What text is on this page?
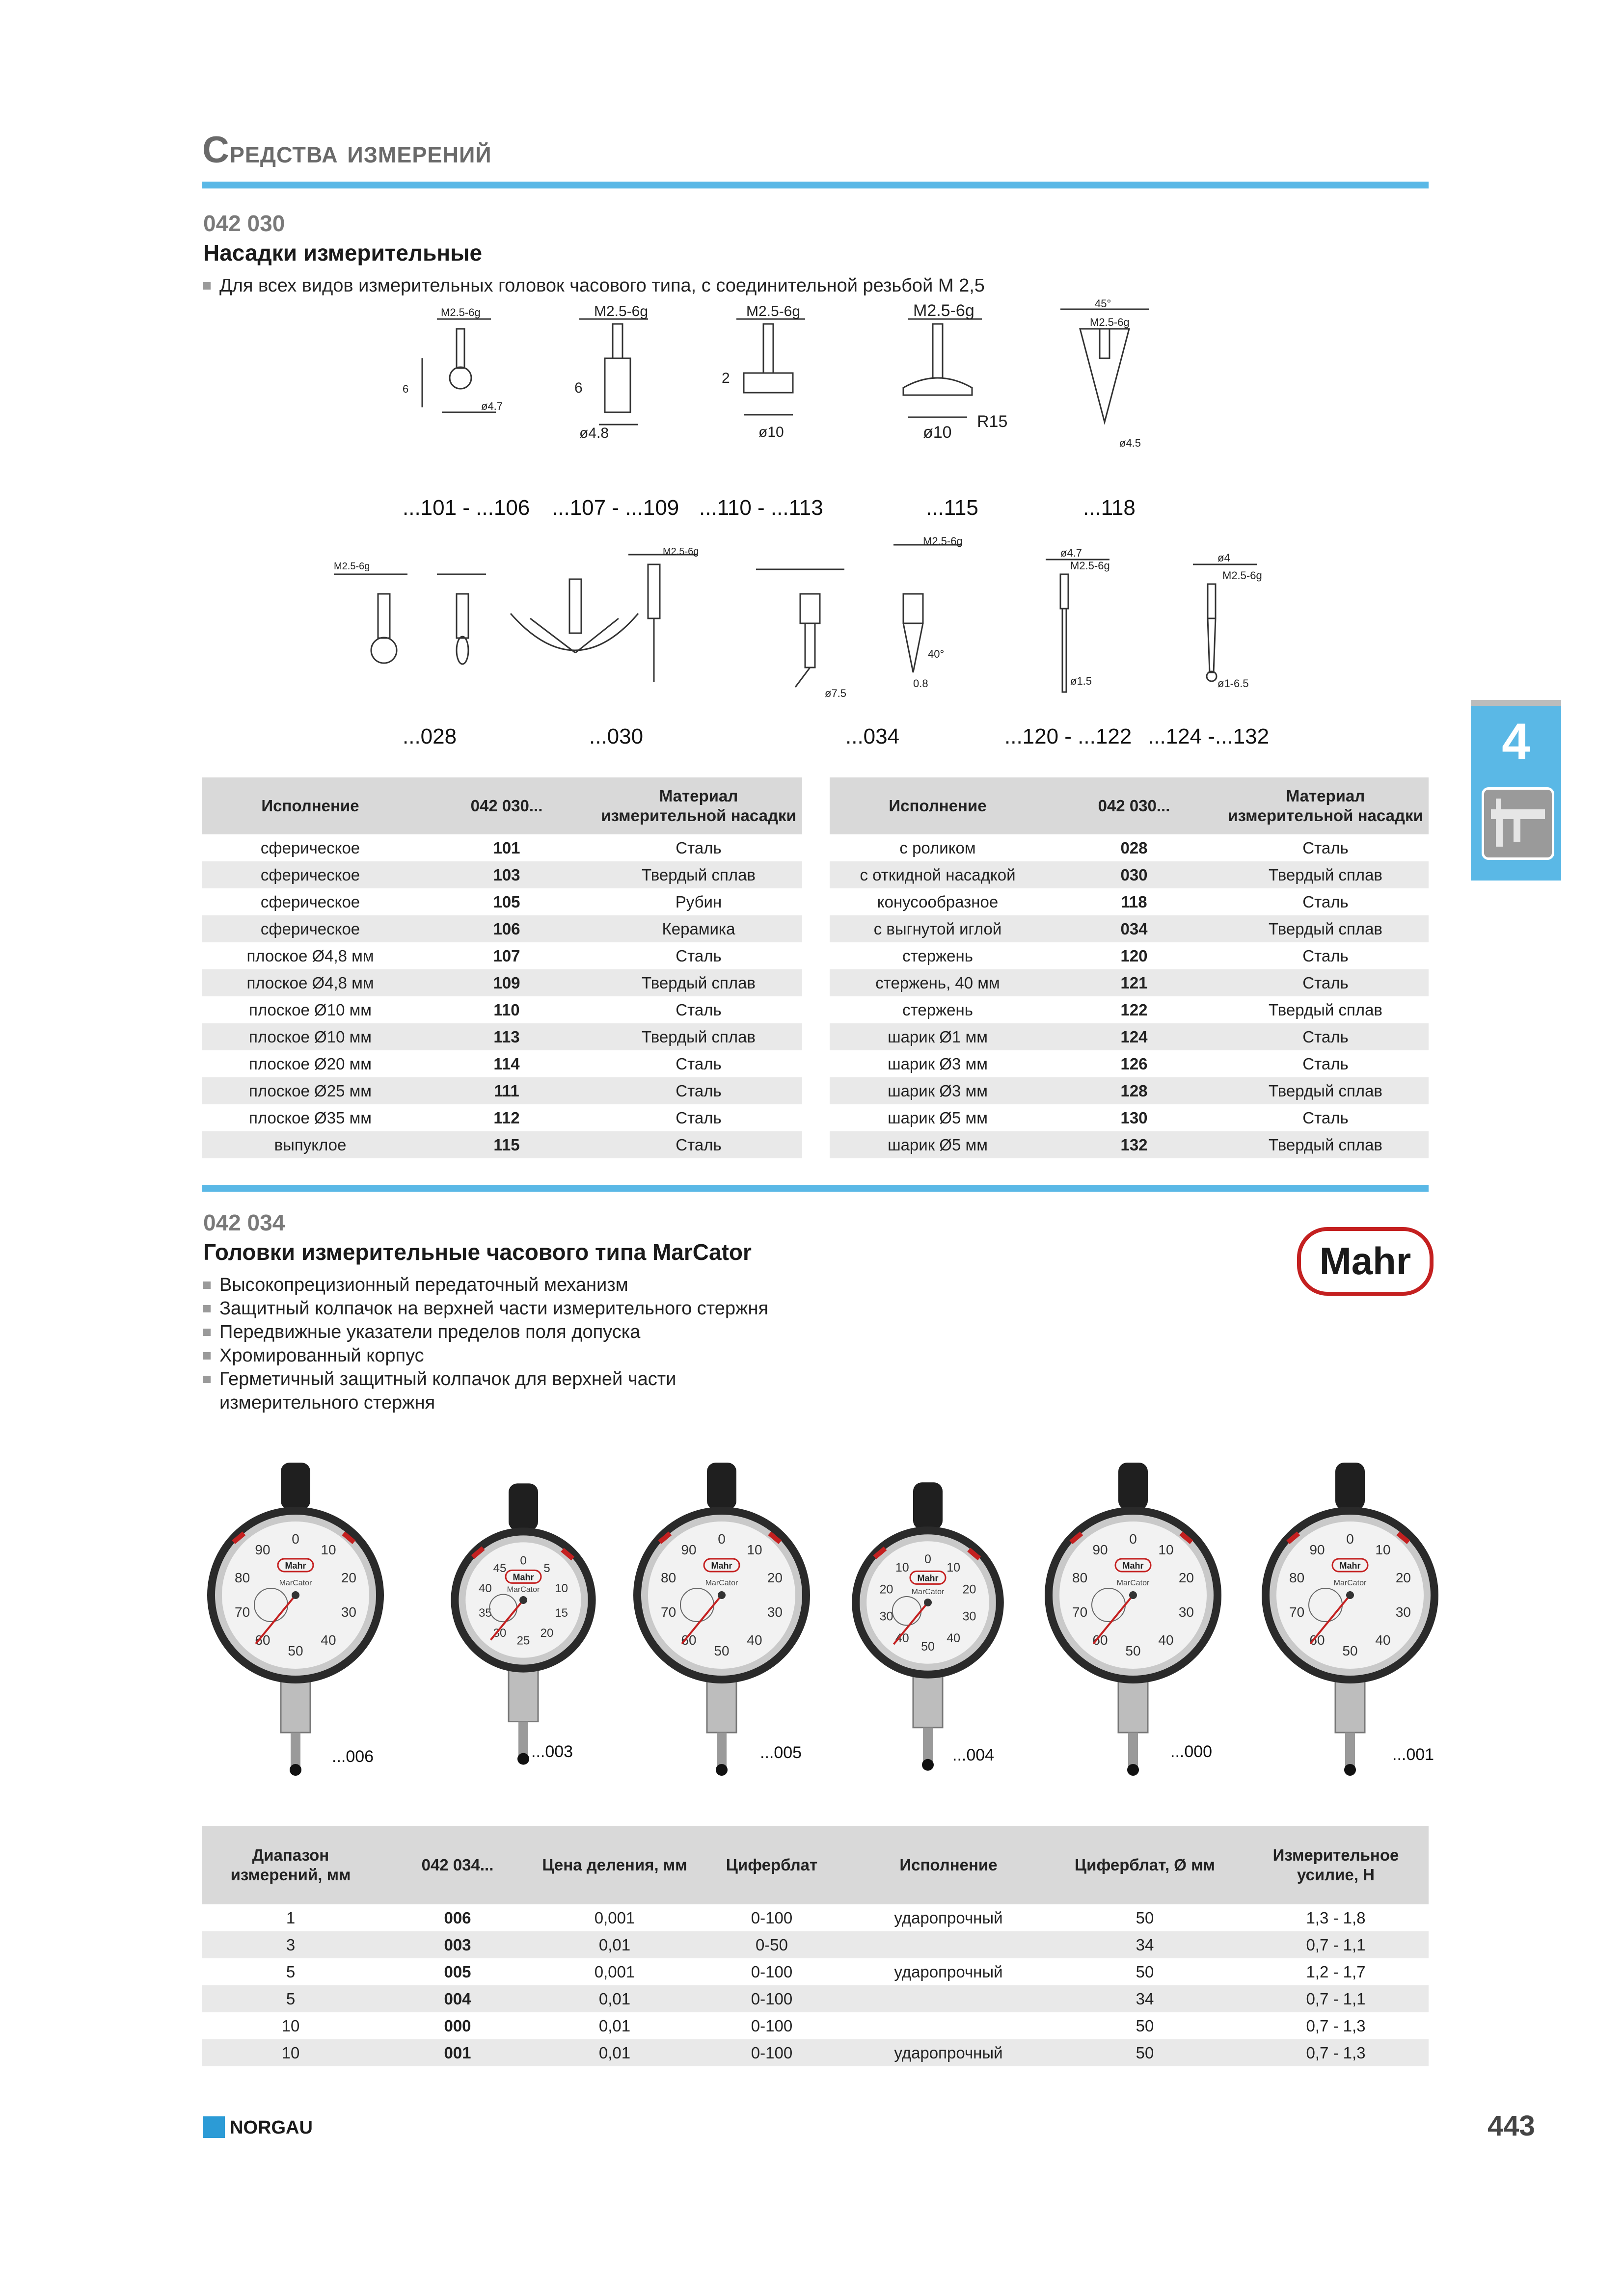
Средства измерений
042 030
Насадки измерительные
Для всех видов измерительных головок часового типа, с соединительной резьбой М 2,5
M2.5-6g
ø4.7
6
M2.5-6g
ø4.8
6
M2.5-6g
ø10
2
M2.5-6g
ø10
R15
45°
M2.5-6g
ø4.5
...101 - ...106 ...107 - ...109 ...110 - ...113	...115	...118
M2.5-6g
M2.5-6g
M2.5-6g
ø7.5
40°
0.8
ø4.7
M2.5-6g
ø1.5
ø4
M2.5-6g
ø1-6.5
...028	...030	...034	...120 - ...122 ...124 -...132
Исполнение	042 030...	Материал
измерительной насадки
сферическое	101	Сталь
сферическое	103	Твердый сплав
сферическое	105	Рубин
сферическое	106	Керамика
плоское Ø4,8 мм	107	Сталь
плоское Ø4,8 мм	109	Твердый сплав
плоское Ø10 мм	110	Сталь
плоское Ø10 мм	113	Твердый сплав
плоское Ø20 мм	114	Сталь
плоское Ø25 мм	111	Сталь
плоское Ø35 мм	112	Сталь
выпуклое	115	Сталь
Исполнение	042 030...	Материал
измерительной насадки
с роликом	028	Сталь
с откидной насадкой	030	Твердый сплав
конусообразное	118	Сталь
с выгнутой иглой	034	Твердый сплав
стержень	120	Сталь
стержень, 40 мм	121	Сталь
стержень	122	Твердый сплав
шарик Ø1 мм	124	Сталь
шарик Ø3 мм	126	Сталь
шарик Ø3 мм	128	Твердый сплав
шарик Ø5 мм	130	Сталь
шарик Ø5 мм	132	Твердый сплав
4
042 034
Головки измерительные часового типа MarCator	Mahr
Высокопрецизионный передаточный механизм
Защитный колпачок на верхней части измерительного стержня
Передвижные указатели пределов поля допуска
Хромированный корпус
Герметичный защитный колпачок для верхней части
измерительного стержня
0
10
20
30
40
50
60
70
80
90
Mahr
MarCator
...006
0
5
10
15
20
25
30
35
40
45
Mahr
MarCator
...003
0
10
20
30
40
50
60
70
80
90
Mahr
MarCator
...005
0
10
20
30
40
50
40
30
20
10
Mahr
MarCator
...004
0
10
20
30
40
50
60
70
80
90
Mahr
MarCator
...000
0
10
20
30
40
50
60
70
80
90
Mahr
MarCator
...001
Диапазон измерений, мм	042 034...	Цена деления, мм	Циферблат	Исполнение	Циферблат, Ø мм	Измерительное усилие, Н
1	006	0,001	0-100	ударопрочный	50	1,3 - 1,8
3	003	0,01	0-50		34	0,7 - 1,1
5	005	0,001	0-100	ударопрочный	50	1,2 - 1,7
5	004	0,01	0-100		34	0,7 - 1,1
10	000	0,01	0-100		50	0,7 - 1,3
10	001	0,01	0-100	ударопрочный	50	0,7 - 1,3
NORGAU	443
